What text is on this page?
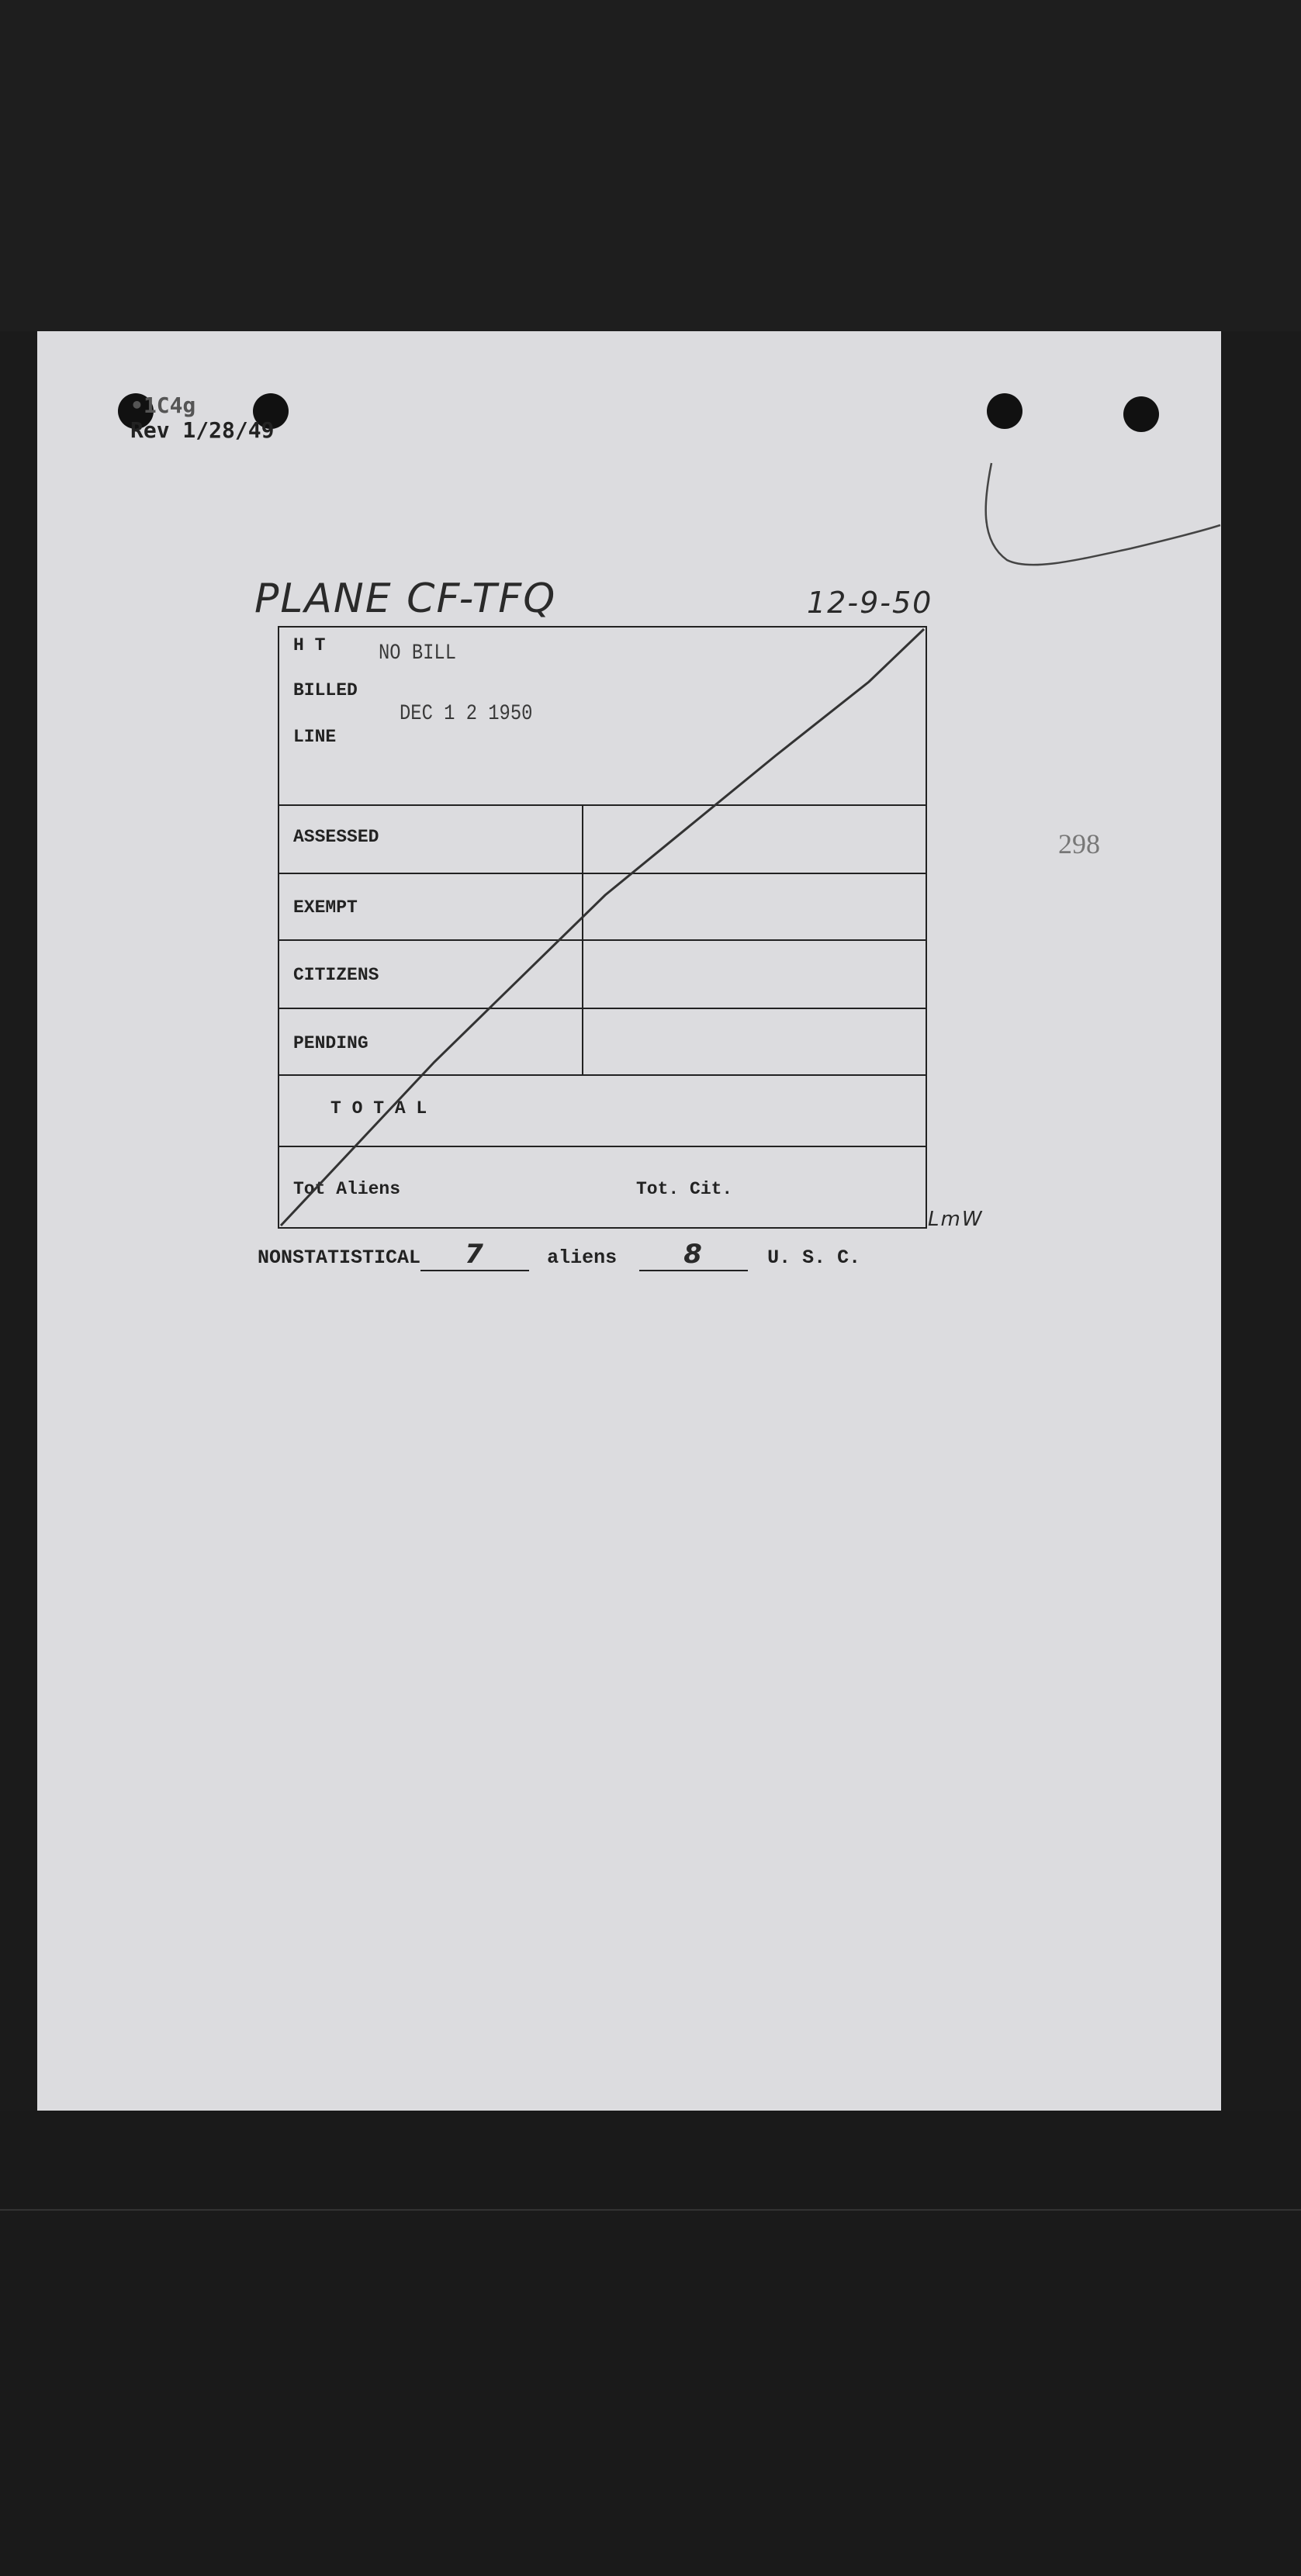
•1C4g
Rev 1/28/49
PLANE CF-TFQ	12-9-50
298
H T
BILLED
LINE
NO BILL
DEC 1 2 1950
ASSESSED
EXEMPT
CITIZENS
PENDING
T O T A L
Tot Aliens	Tot. Cit.
LmW
NONSTATISTICAL 7	aliens	8	U. S. C.
